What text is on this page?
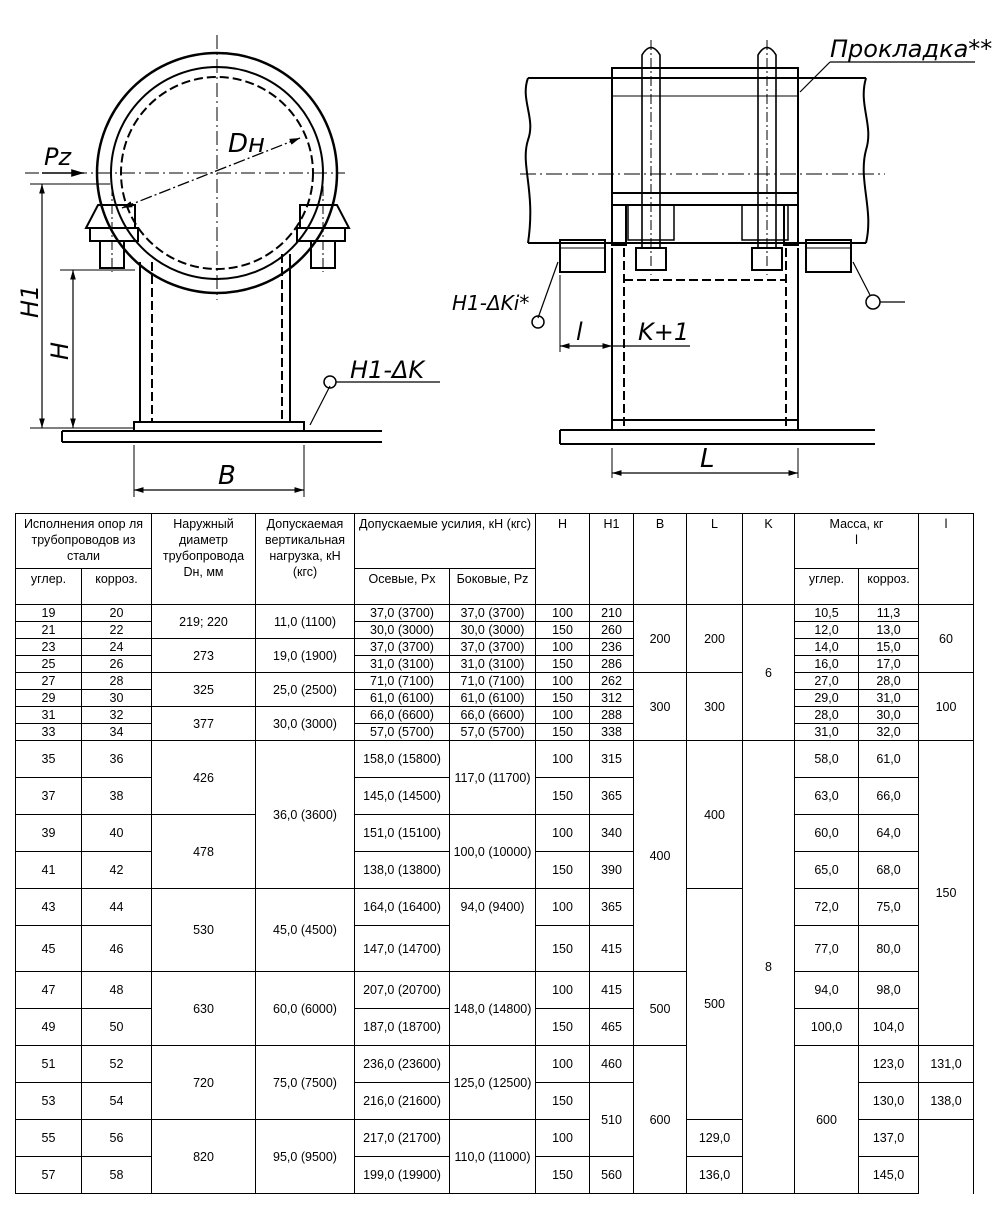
Pz	Dн
H1
H
H1-ΔK
B
Прокладка**
H1-ΔKi*
l K+1
L
Исполнения опор ля трубопроводов из стали		Наружный диаметр трубопровода Dн, мм	Допускаемая вертикальная нагрузка, кН (кгс)	Допускаемые усилия, кН (кгс)		H	H1	B	L	K	Масса, кг
l		l	
углер.	корроз.			Осевые, Px	Боковые, Pz						углер.	корроз.		
19	20	219; 220	11,0 (1100)	37,0 (3700)	37,0 (3700)	100	210	200	200	6	10,5	11,3	60	
21	22			30,0 (3000)	30,0 (3000)	150	260				12,0	13,0		
23	24	273	19,0 (1900)	37,0 (3700)	37,0 (3700)	100	236				14,0	15,0		
25	26			31,0 (3100)	31,0 (3100)	150	286				16,0	17,0		
27	28	325	25,0 (2500)	71,0 (7100)	71,0 (7100)	100	262	300	300		27,0	28,0	100	
29	30			61,0 (6100)	61,0 (6100)	150	312				29,0	31,0		
31	32	377	30,0 (3000)	66,0 (6600)	66,0 (6600)	100	288				28,0	30,0		
33	34			57,0 (5700)	57,0 (5700)	150	338				31,0	32,0		
35	36	426	36,0 (3600)	158,0 (15800)	117,0 (11700)	100	315	400	400	8	58,0	61,0	150	
37	38			145,0 (14500)		150	365				63,0	66,0		
39	40	478		151,0 (15100)	100,0 (10000)	100	340				60,0	64,0		
41	42			138,0 (13800)		150	390				65,0	68,0		
43	44	530	45,0 (4500)	164,0 (16400)	94,0 (9400)	100	365		500		72,0	75,0		
45	46			147,0 (14700)		150	415				77,0	80,0		
47	48	630	60,0 (6000)	207,0 (20700)	148,0 (14800)	100	415	500			94,0	98,0		
49	50			187,0 (18700)		150	465				100,0	104,0		
51	52	720	75,0 (7500)	236,0 (23600)	125,0 (12500)	100	460	600			600	123,0	131,0	
53	54			216,0 (21600)		150	510					130,0	138,0	
55	56	820	95,0 (9500)	217,0 (21700)	110,0 (11000)	100			129,0			137,0		
57	58			199,0 (19900)		150	560		136,0			145,0		
